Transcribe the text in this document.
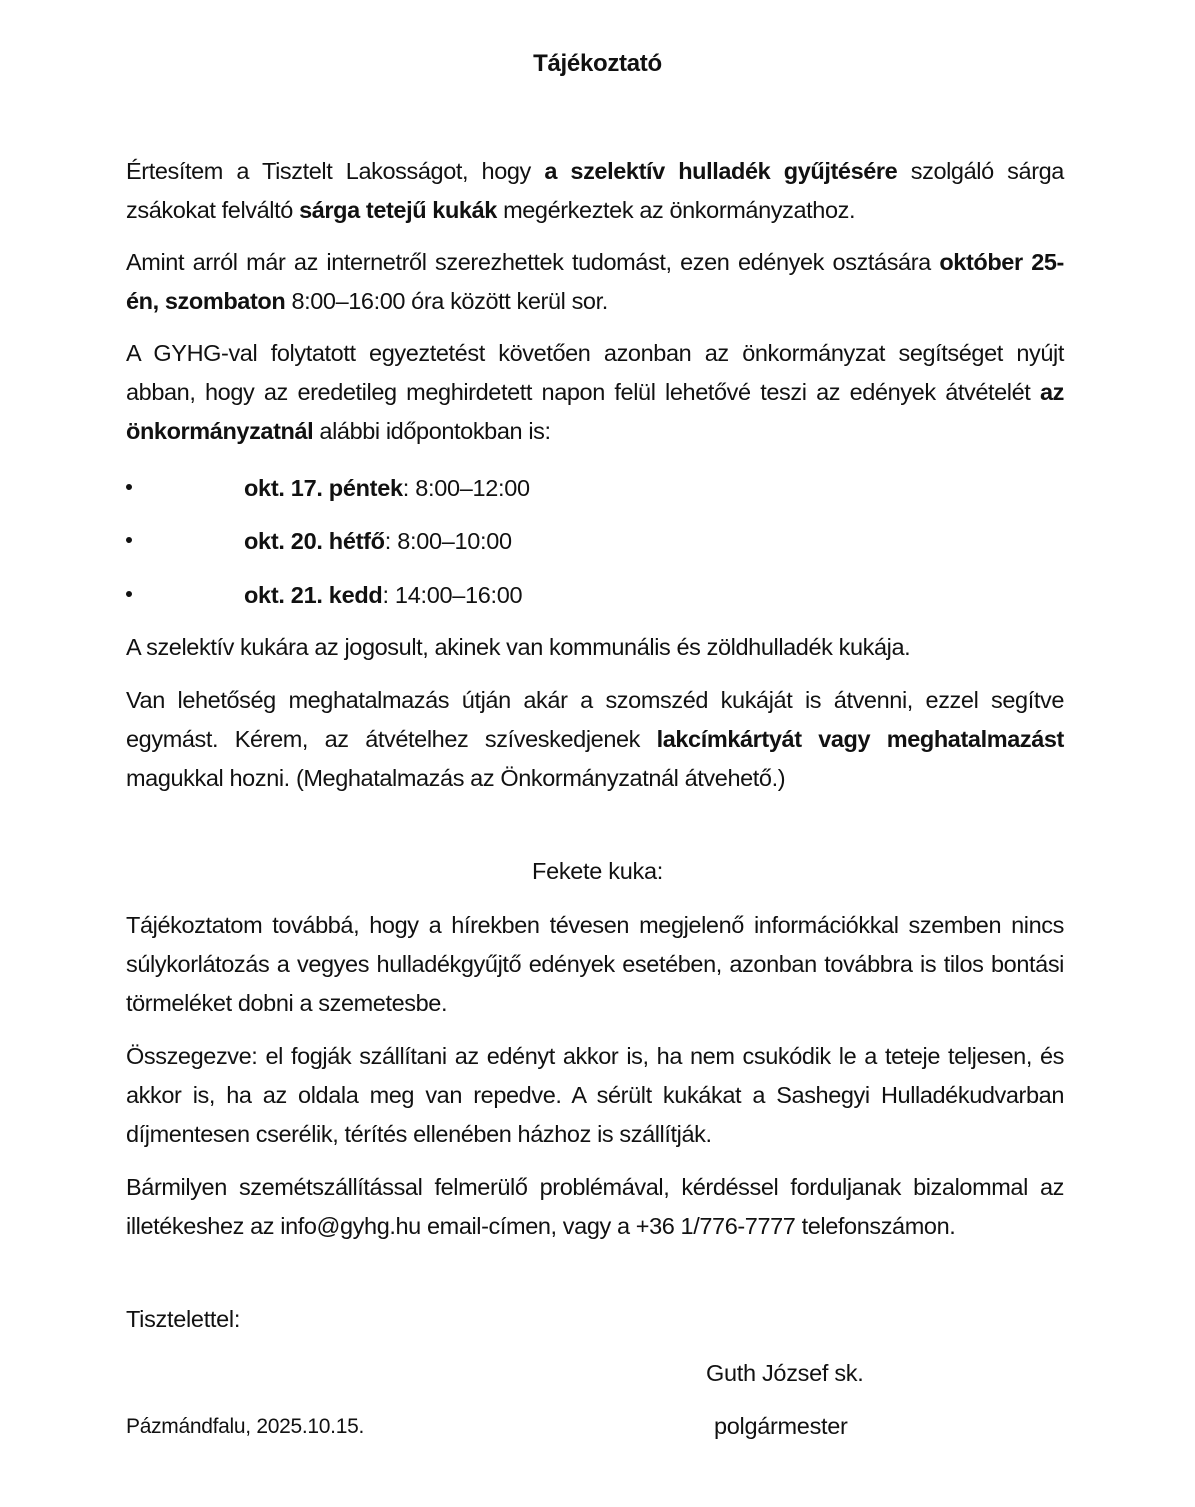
Tájékoztató

Értesítem a Tisztelt Lakosságot, hogy a szelektív hulladék gyűjtésére szolgáló sárga zsákokat felváltó sárga tetejű kukák megérkeztek az önkormányzathoz.

Amint arról már az internetről szerezhettek tudomást, ezen edények osztására október 25-én, szombaton 8:00–16:00 óra között kerül sor.

A GYHG-val folytatott egyeztetést követően azonban az önkormányzat segítséget nyújt abban, hogy az eredetileg meghirdetett napon felül lehetővé teszi az edények átvételét az önkormányzatnál alábbi időpontokban is:

okt. 17. péntek: 8:00–12:00
okt. 20. hétfő: 8:00–10:00
okt. 21. kedd: 14:00–16:00

A szelektív kukára az jogosult, akinek van kommunális és zöldhulladék kukája.

Van lehetőség meghatalmazás útján akár a szomszéd kukáját is átvenni, ezzel segítve egymást. Kérem, az átvételhez szíveskedjenek lakcímkártyát vagy meghatalmazást magukkal hozni. (Meghatalmazás az Önkormányzatnál átvehető.)

Fekete kuka:

Tájékoztatom továbbá, hogy a hírekben tévesen megjelenő információkkal szemben nincs súlykorlátozás a vegyes hulladékgyűjtő edények esetében, azonban továbbra is tilos bontási törmeléket dobni a szemetesbe.

Összegezve: el fogják szállítani az edényt akkor is, ha nem csukódik le a teteje teljesen, és akkor is, ha az oldala meg van repedve. A sérült kukákat a Sashegyi Hulladékudvarban díjmentesen cserélik, térítés ellenében házhoz is szállítják.

Bármilyen szemétszállítással felmerülő problémával, kérdéssel forduljanak bizalommal az illetékeshez az info@gyhg.hu email-címen, vagy a +36 1/776-7777 telefonszámon.

Tisztelettel:
Guth József sk.
Pázmándfalu, 2025.10.15.	polgármester
